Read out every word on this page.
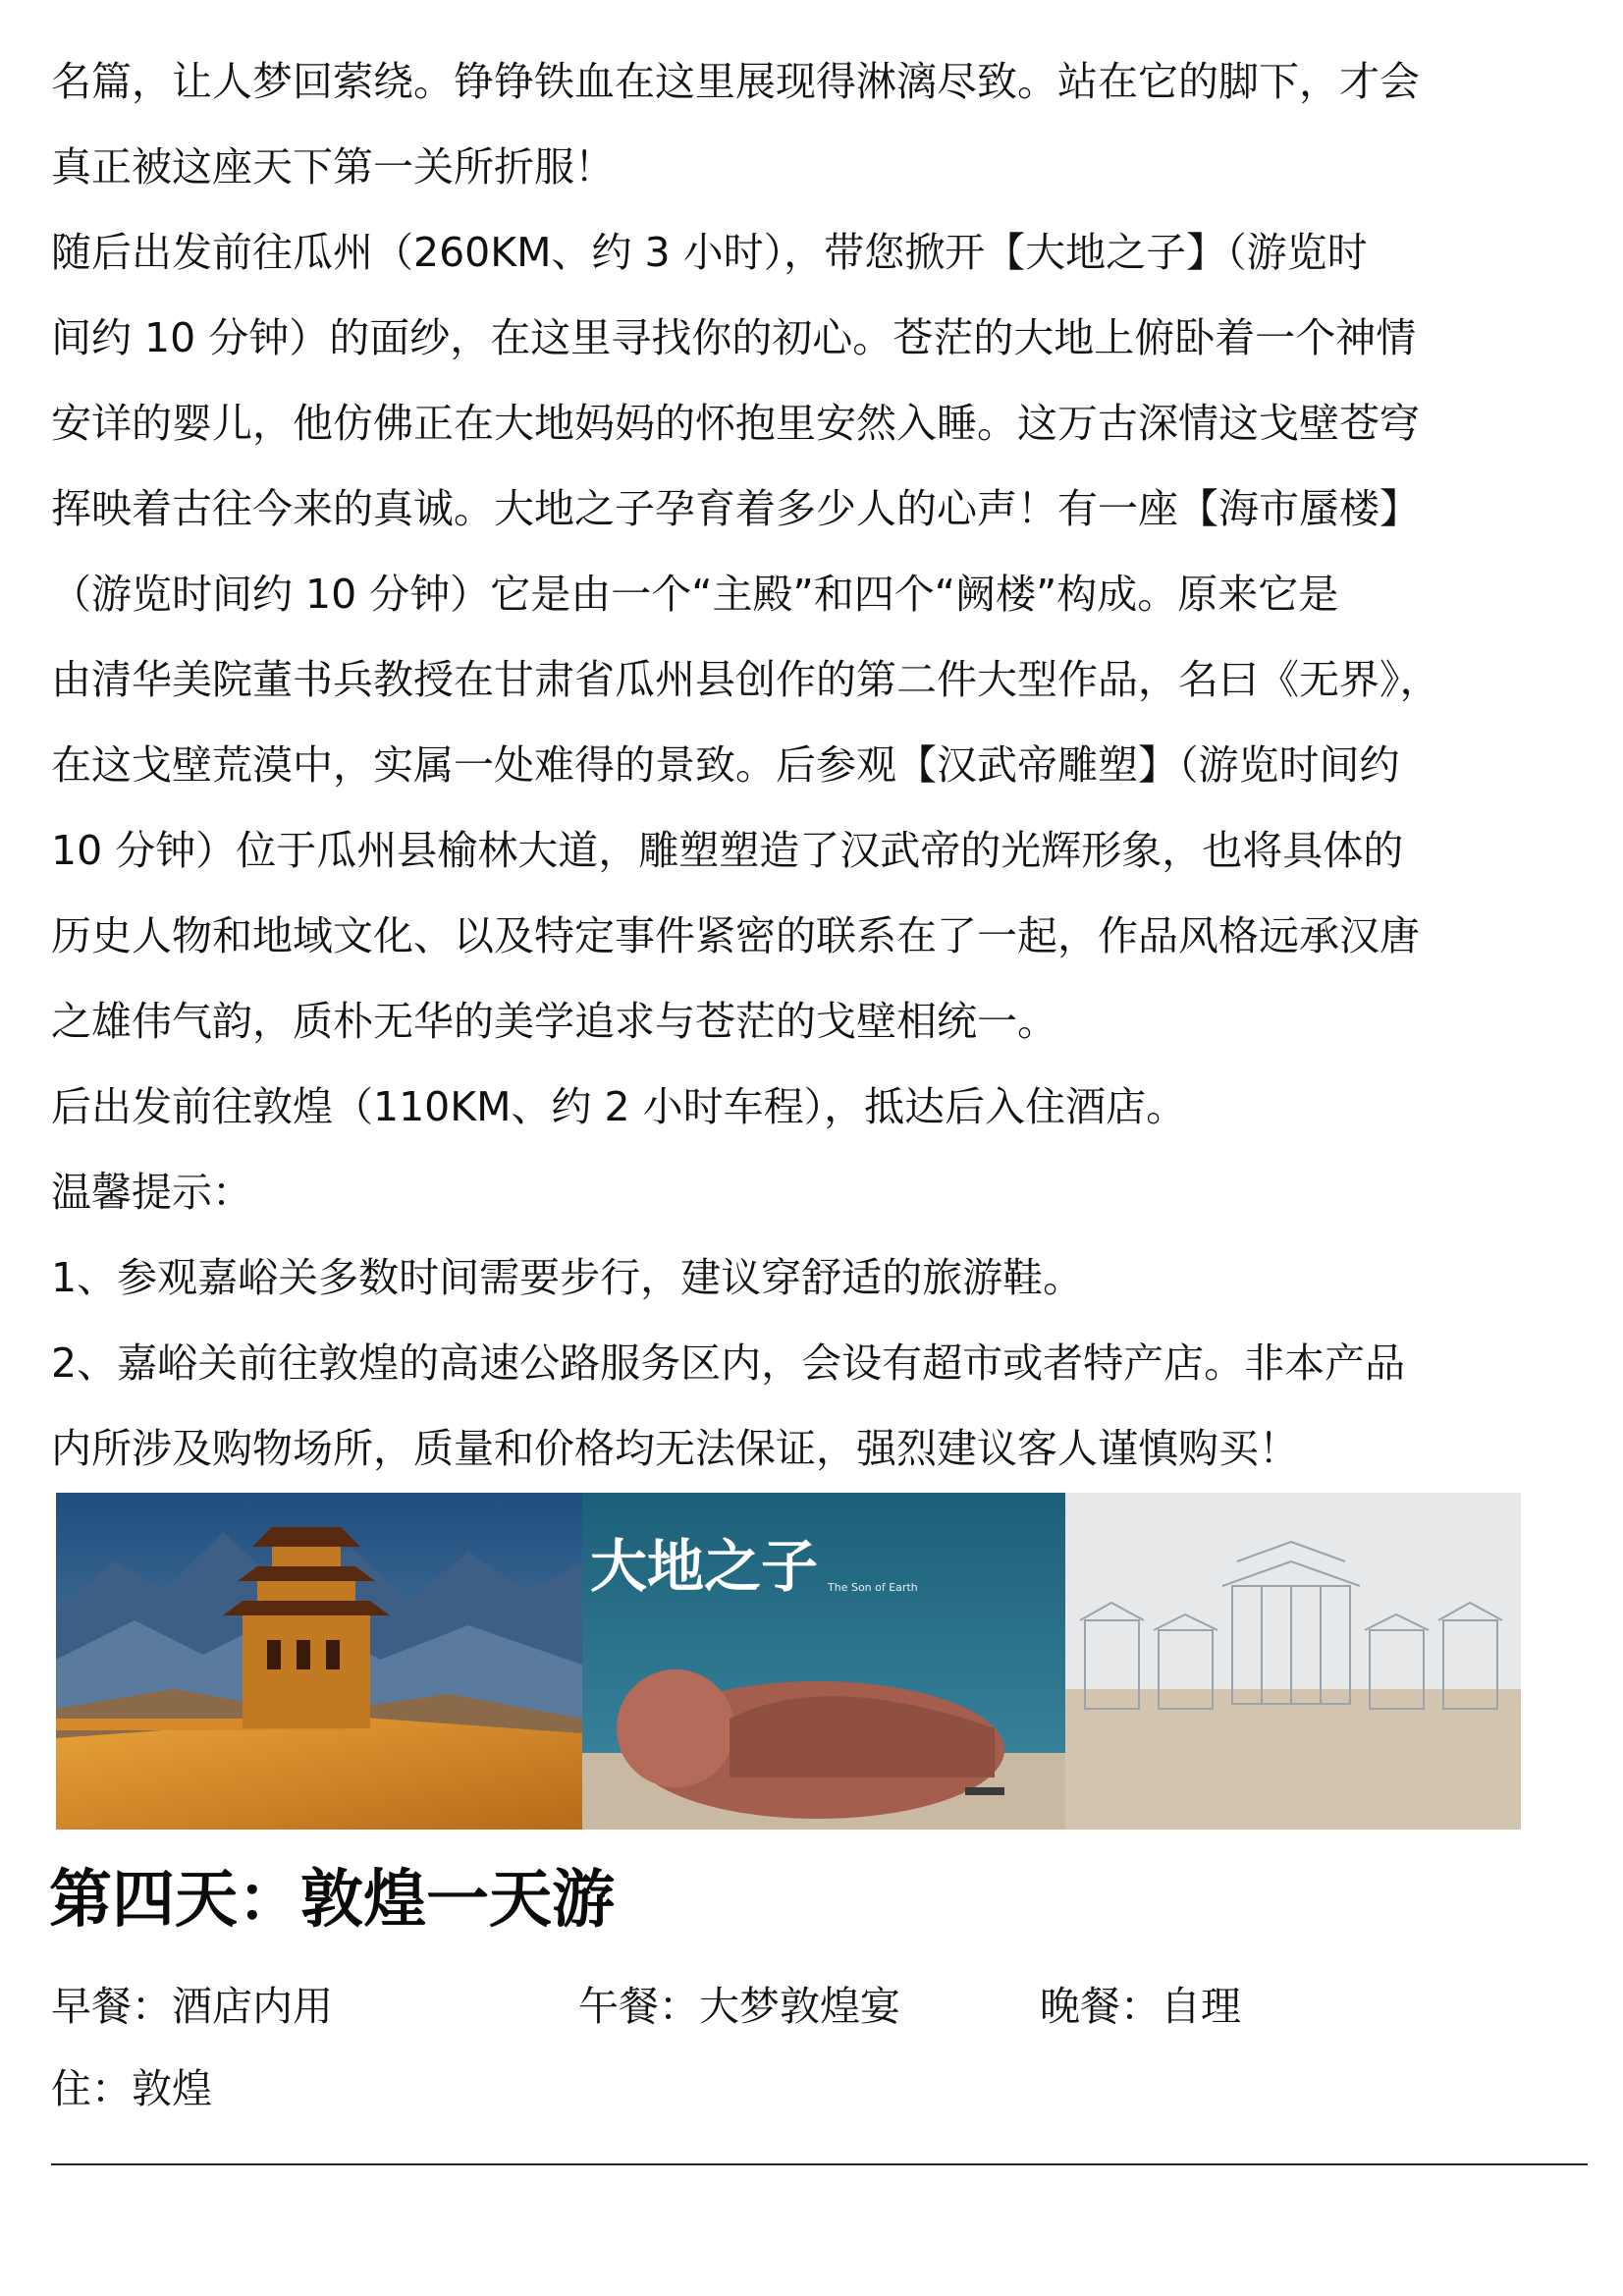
名篇，让人梦回萦绕。铮铮铁血在这里展现得淋漓尽致。站在它的脚下，才会
真正被这座天下第一关所折服！
随后出发前往瓜州（260KM、约 3 小时），带您掀开【大地之子】（游览时
间约 10 分钟）的面纱，在这里寻找你的初心。苍茫的大地上俯卧着一个神情
安详的婴儿，他仿佛正在大地妈妈的怀抱里安然入睡。这万古深情这戈壁苍穹
挥映着古往今来的真诚。大地之子孕育着多少人的心声！有一座【海市蜃楼】
（游览时间约 10 分钟）它是由一个“主殿”和四个“阙楼”构成。原来它是
由清华美院董书兵教授在甘肃省瓜州县创作的第二件大型作品，名曰《无界》，
在这戈壁荒漠中，实属一处难得的景致。后参观【汉武帝雕塑】（游览时间约
10 分钟）位于瓜州县榆林大道，雕塑塑造了汉武帝的光辉形象，也将具体的
历史人物和地域文化、以及特定事件紧密的联系在了一起，作品风格远承汉唐
之雄伟气韵，质朴无华的美学追求与苍茫的戈壁相统一。
后出发前往敦煌（110KM、约 2 小时车程），抵达后入住酒店。
温馨提示：
1、参观嘉峪关多数时间需要步行，建议穿舒适的旅游鞋。
2、嘉峪关前往敦煌的高速公路服务区内，会设有超市或者特产店。非本产品
内所涉及购物场所，质量和价格均无法保证，强烈建议客人谨慎购买！
大地之子 The Son of Earth
第四天：敦煌一天游
早餐：酒店内用	午餐：大梦敦煌宴	晚餐：自理
住：敦煌
